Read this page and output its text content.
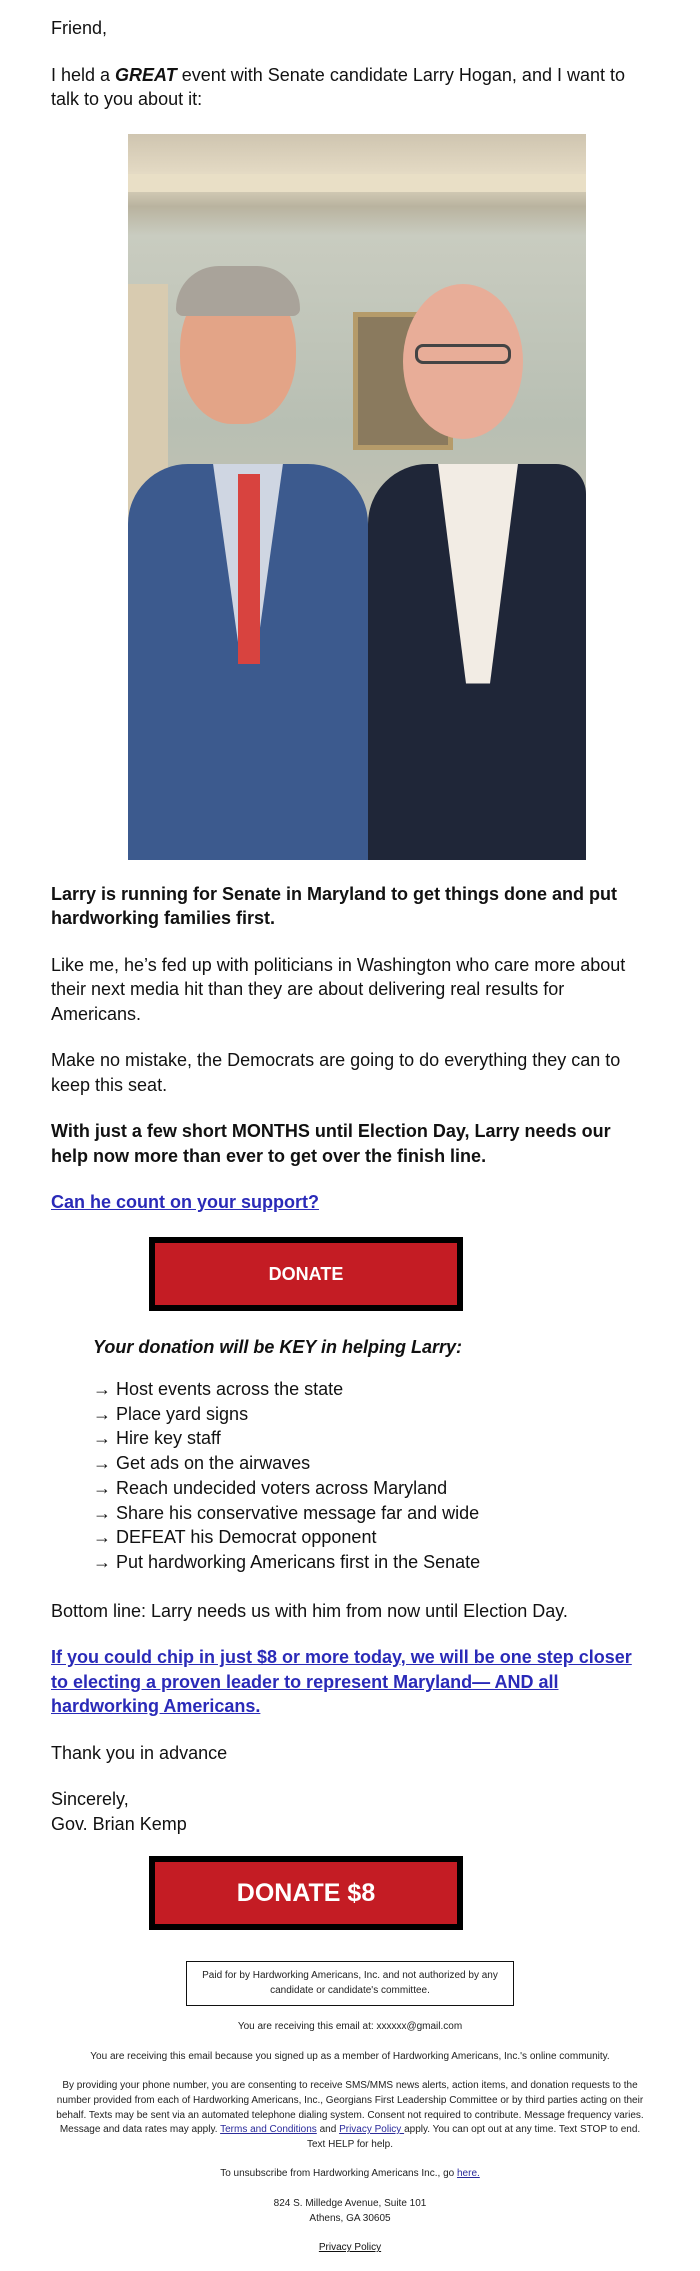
Friend,

I held a GREAT event with Senate candidate Larry Hogan, and I want to talk to you about it:

Larry is running for Senate in Maryland to get things done and put hardworking families first.

Like me, he’s fed up with politicians in Washington who care more about their next media hit than they are about delivering real results for Americans.

Make no mistake, the Democrats are going to do everything they can to keep this seat.

With just a few short MONTHS until Election Day, Larry needs our help now more than ever to get over the finish line.

Can he count on your support?

DONATE

Your donation will be KEY in helping Larry:

→ Host events across the state
→ Place yard signs
→ Hire key staff
→ Get ads on the airwaves
→ Reach undecided voters across Maryland
→ Share his conservative message far and wide
→ DEFEAT his Democrat opponent
→ Put hardworking Americans first in the Senate

Bottom line: Larry needs us with him from now until Election Day.

If you could chip in just $8 or more today, we will be one step closer to electing a proven leader to represent Maryland— AND all hardworking Americans.

Thank you in advance

Sincerely,
Gov. Brian Kemp
DONATE $8
Paid for by Hardworking Americans, Inc. and not authorized by any candidate or candidate's committee.

You are receiving this email at: xxxxxx@gmail.com

You are receiving this email because you signed up as a member of Hardworking Americans, Inc.'s online community.

By providing your phone number, you are consenting to receive SMS/MMS news alerts, action items, and donation requests to the number provided from each of Hardworking Americans, Inc., Georgians First Leadership Committee or by third parties acting on their behalf. Texts may be sent via an automated telephone dialing system. Consent not required to contribute. Message frequency varies. Message and data rates may apply. Terms and Conditions and Privacy Policy apply. You can opt out at any time. Text STOP to end. Text HELP for help.

To unsubscribe from Hardworking Americans Inc., go here.

824 S. Milledge Avenue, Suite 101
Athens, GA 30605

Privacy Policy
